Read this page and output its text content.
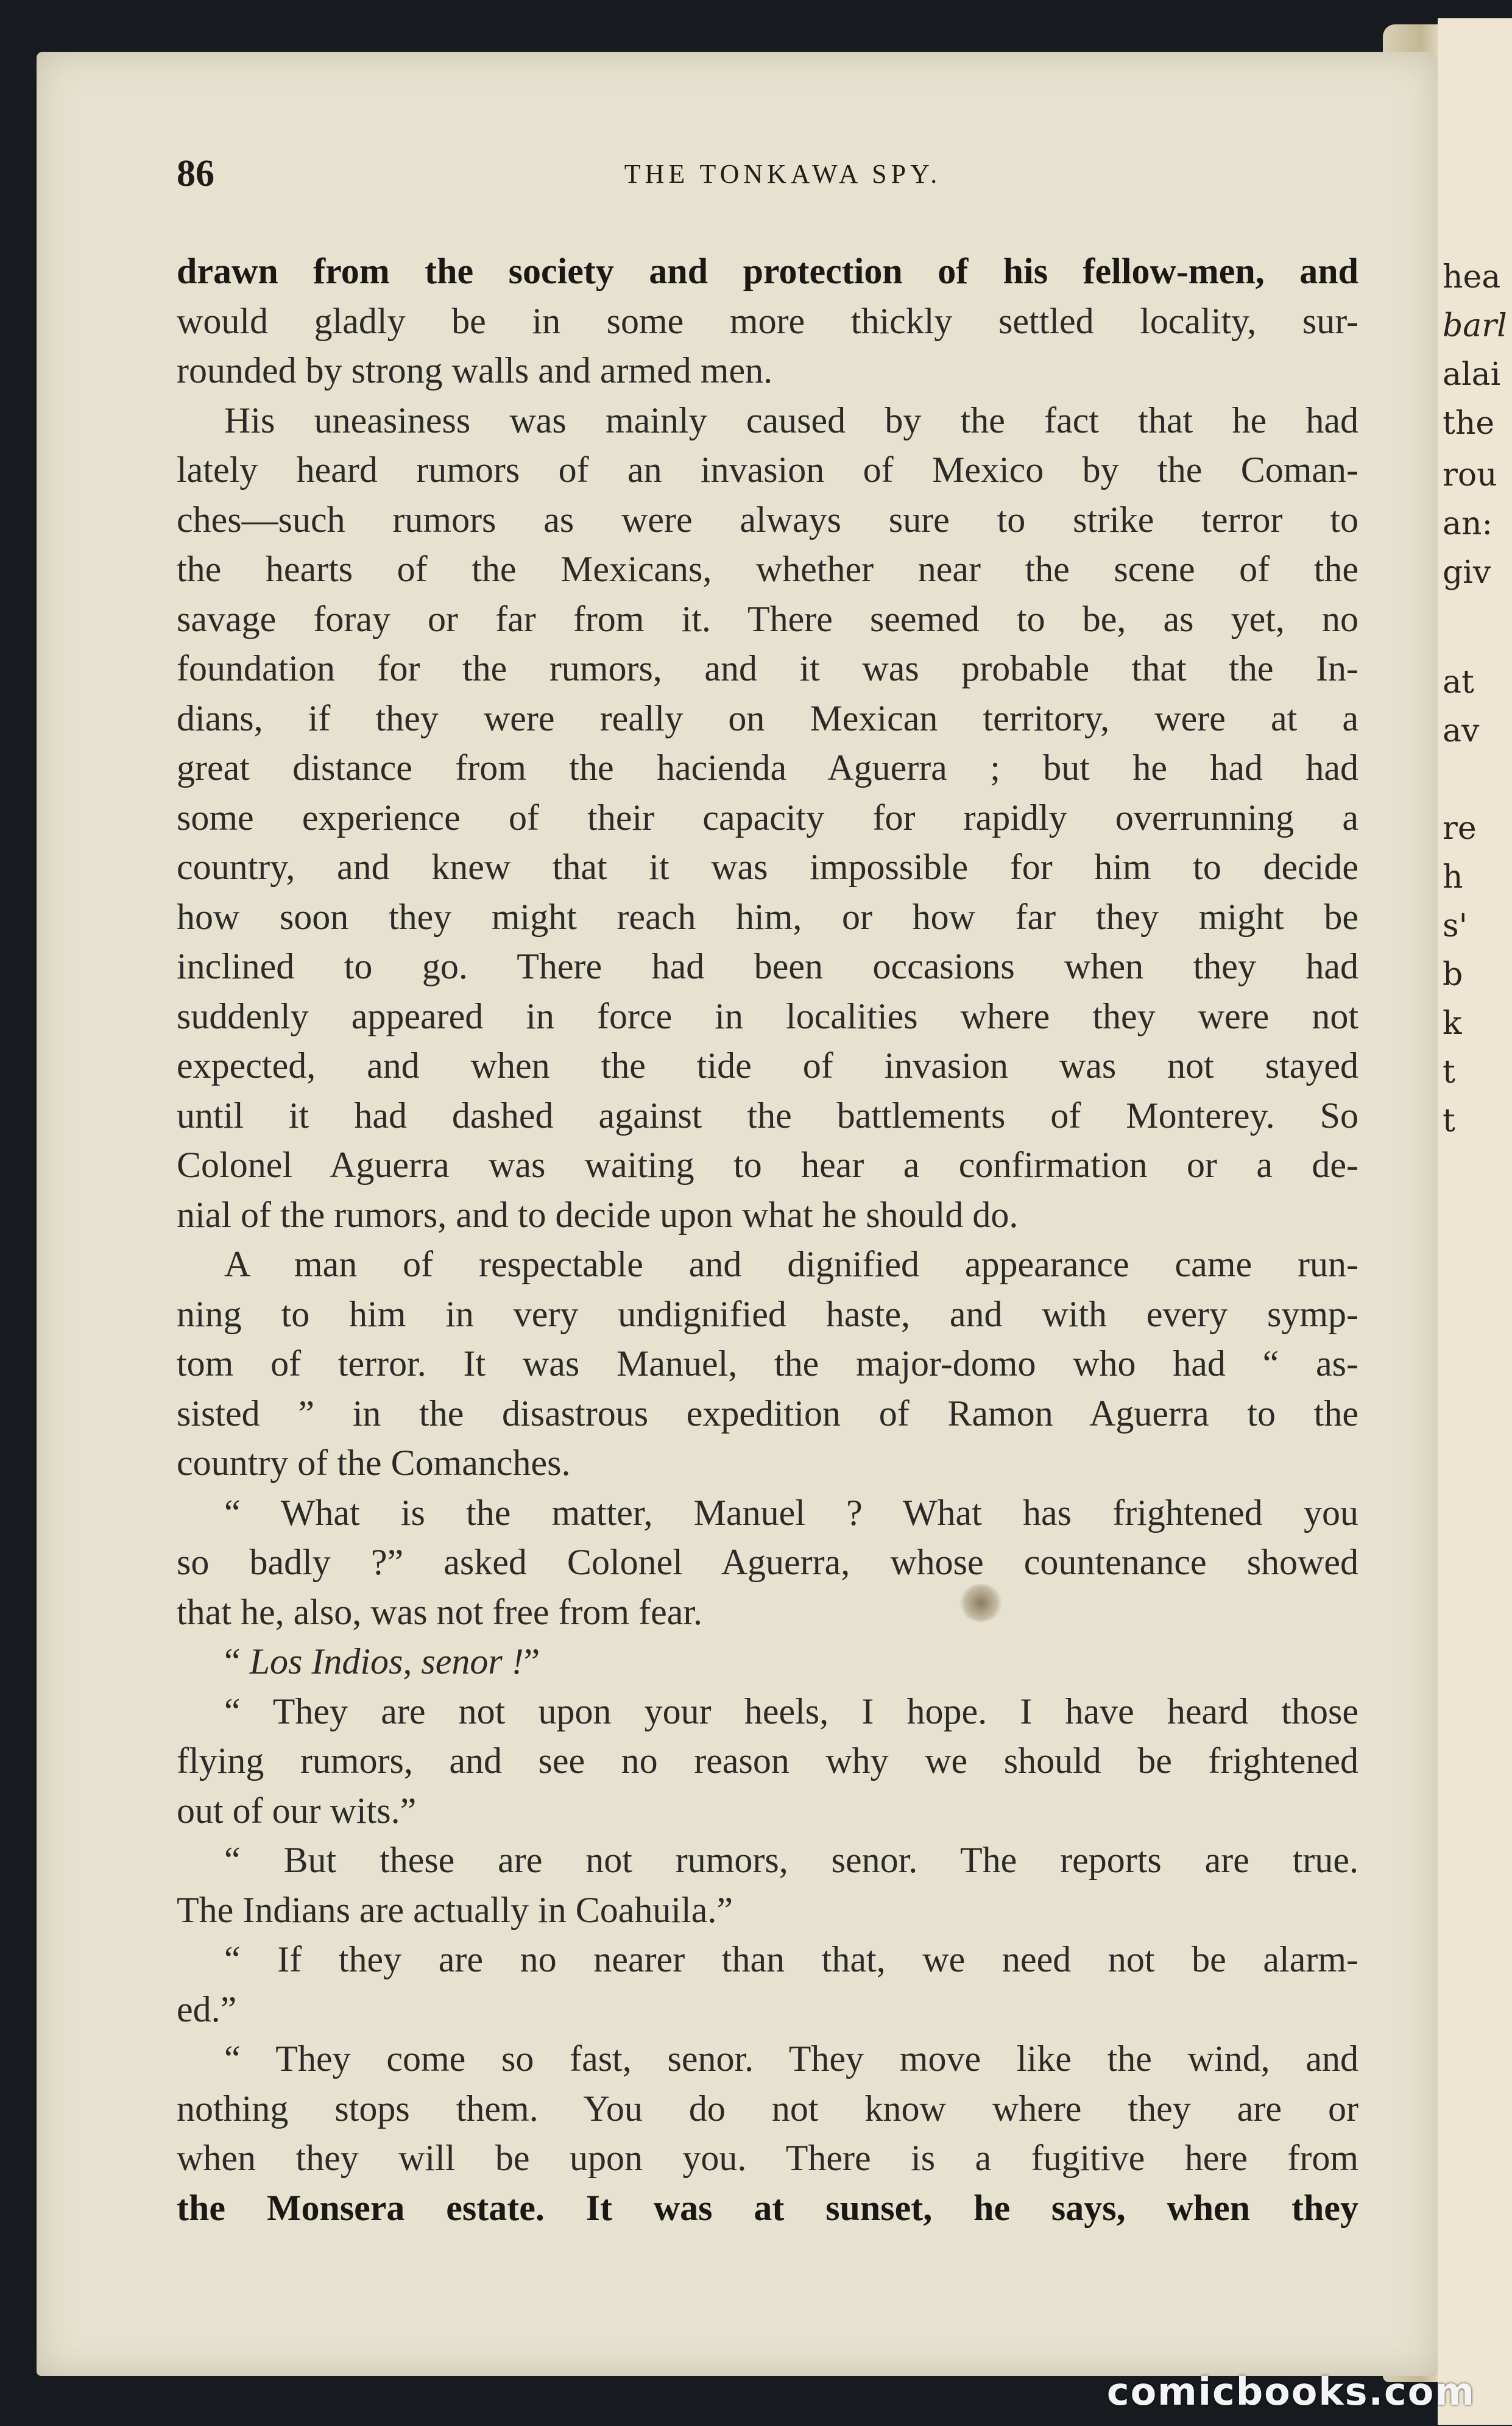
hea
barl
alai
the
rou
an:
giv
at
av
re
h
s'
b
k
t
t
86	THE TONKAWA SPY.
drawn from the society and protection of his fellow-men, and
would gladly be in some more thickly settled locality, sur-
rounded by strong walls and armed men.
His uneasiness was mainly caused by the fact that he had
lately heard rumors of an invasion of Mexico by the Coman-
ches—such rumors as were always sure to strike terror to
the hearts of the Mexicans, whether near the scene of the
savage foray or far from it. There seemed to be, as yet, no
foundation for the rumors, and it was probable that the In-
dians, if they were really on Mexican territory, were at a
great distance from the hacienda Aguerra ; but he had had
some experience of their capacity for rapidly overrunning a
country, and knew that it was impossible for him to decide
how soon they might reach him, or how far they might be
inclined to go. There had been occasions when they had
suddenly appeared in force in localities where they were not
expected, and when the tide of invasion was not stayed
until it had dashed against the battlements of Monterey. So
Colonel Aguerra was waiting to hear a confirmation or a de-
nial of the rumors, and to decide upon what he should do.
A man of respectable and dignified appearance came run-
ning to him in very undignified haste, and with every symp-
tom of terror. It was Manuel, the major-domo who had “ as-
sisted ” in the disastrous expedition of Ramon Aguerra to the
country of the Comanches.
“ What is the matter, Manuel ? What has frightened you
so badly ?” asked Colonel Aguerra, whose countenance showed
that he, also, was not free from fear.
“ Los Indios, senor !”
“ They are not upon your heels, I hope. I have heard those
flying rumors, and see no reason why we should be frightened
out of our wits.”
“ But these are not rumors, senor. The reports are true.
The Indians are actually in Coahuila.”
“ If they are no nearer than that, we need not be alarm-
ed.”
“ They come so fast, senor. They move like the wind, and
nothing stops them. You do not know where they are or
when they will be upon you. There is a fugitive here from
the Monsera estate. It was at sunset, he says, when they
comicbooks.com
